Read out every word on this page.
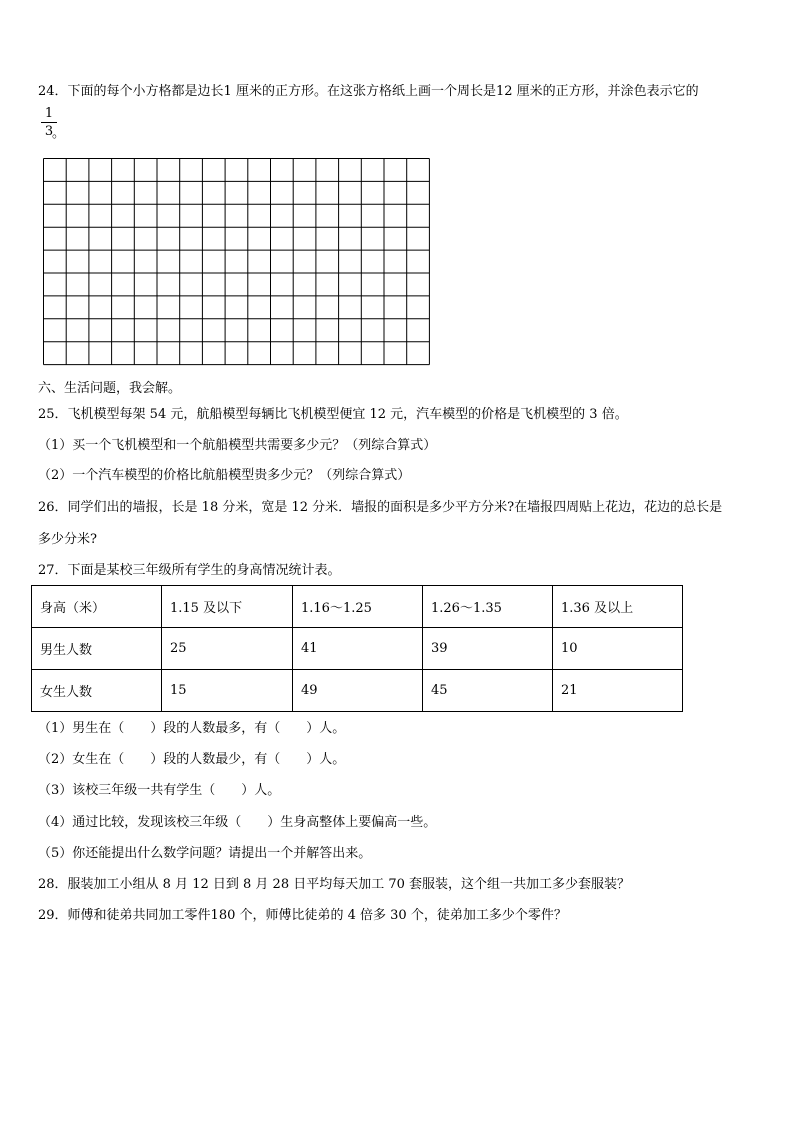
24．下面的每个小方格都是边长1 厘米的正方形。在这张方格纸上画一个周长是12 厘米的正方形，并涂色表示它的
1
3
。
六、生活问题，我会解。
25．飞机模型每架 54 元，航船模型每辆比飞机模型便宜 12 元，汽车模型的价格是飞机模型的 3 倍。
（1）买一个飞机模型和一个航船模型共需要多少元？（列综合算式）
（2）一个汽车模型的价格比航船模型贵多少元？（列综合算式）
26．同学们出的墙报，长是 18 分米，宽是 12 分米．墙报的面积是多少平方分米?在墙报四周贴上花边，花边的总长是
多少分米?
27．下面是某校三年级所有学生的身高情况统计表。
身高（米）	1.15 及以下	1.16～1.25	1.26～1.35	1.36 及以上
男生人数	25	41	39	10
女生人数	15	49	45	21
（1）男生在（　　）段的人数最多，有（　　）人。
（2）女生在（　　）段的人数最少，有（　　）人。
（3）该校三年级一共有学生（　　）人。
（4）通过比较，发现该校三年级（　　）生身高整体上要偏高一些。
（5）你还能提出什么数学问题？请提出一个并解答出来。
28．服装加工小组从 8 月 12 日到 8 月 28 日平均每天加工 70 套服装，这个组一共加工多少套服装？
29．师傅和徒弟共同加工零件180 个，师傅比徒弟的 4 倍多 30 个，徒弟加工多少个零件？
